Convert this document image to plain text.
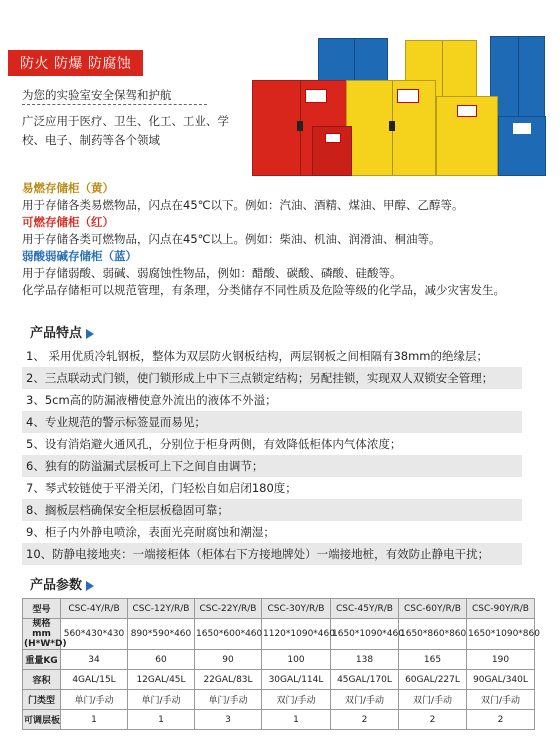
防火 防爆 防腐蚀
为您的实验室安全保驾和护航
广泛应用于医疗、卫生、化工、工业、学校、电子、制药等各个领域
易燃存储柜（黄）
用于存储各类易燃物品，闪点在45℃以下。例如：汽油、酒精、煤油、甲醇、乙醇等。
可燃存储柜（红）
用于存储各类可燃物品，闪点在45℃以上。例如：柴油、机油、润滑油、桐油等。
弱酸弱碱存储柜（蓝）
用于存储弱酸、弱碱、弱腐蚀性物品，例如：醋酸、碳酸、磷酸、硅酸等。
化学品存储柜可以规范管理，有条理，分类储存不同性质及危险等级的化学品，减少灾害发生。
产品特点
1、 采用优质冷轧钢板，整体为双层防火钢板结构，两层钢板之间相隔有38mm的绝缘层；
2、三点联动式门锁，使门锁形成上中下三点锁定结构；另配挂锁，实现双人双锁安全管理；
3、5cm高的防漏液槽使意外流出的液体不外溢；
4、专业规范的警示标签显而易见；
5、设有消焰避火通风孔，分别位于柜身两侧，有效降低柜体内气体浓度；
6、独有的防溢漏式层板可上下之间自由调节；
7、琴式较链使于平滑关闭，门轻松自如启闭180度；
8、搁板层档确保安全柜层板稳固可靠；
9、柜子内外静电喷涂，表面光亮耐腐蚀和潮湿；
10、防静电接地夹：一端接柜体（柜体右下方接地牌处）一端接地桩，有效防止静电干扰；
产品参数
型号	CSC-4Y/R/B	CSC-12Y/R/B	CSC-22Y/R/B	CSC-30Y/R/B	CSC-45Y/R/B	CSC-60Y/R/B	CSC-90Y/R/B
规格mm (H*W*D)	560*430*430	890*590*460	1650*600*460	1120*1090*460	1650*1090*460	1650*860*860	1650*1090*860
重量KG	34	60	90	100	138	165	190
容积	4GAL/15L	12GAL/45L	22GAL/83L	30GAL/114L	45GAL/170L	60GAL/227L	90GAL/340L
门类型	单门/手动	单门/手动	单门/手动	双门/手动	双门/手动	双门/手动	双门/手动
可调层板	1	1	3	1	2	2	2
